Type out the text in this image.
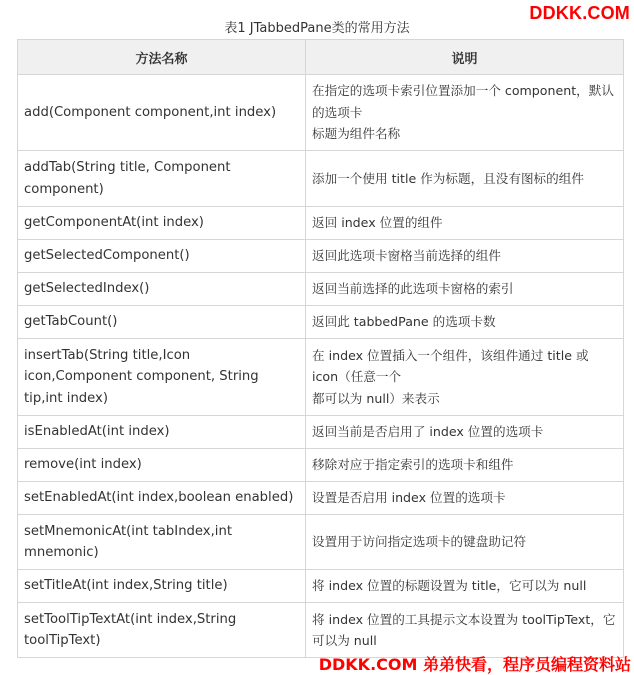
DDKK.COM
表1 JTabbedPane类的常用方法
方法名称	说明
add(Component component,int index)	在指定的选项卡索引位置添加一个 component，默认的选项卡
标题为组件名称

addTab(String title, Component component)	添加一个使用 title 作为标题，且没有图标的组件

getComponentAt(int index)	返回 index 位置的组件

getSelectedComponent()	返回此选项卡窗格当前选择的组件

getSelectedIndex()	返回当前选择的此选项卡窗格的索引

getTabCount()	返回此 tabbedPane 的选项卡数

insertTab(String title,Icon icon,Component component, String tip,int index)	在 index 位置插入一个组件，该组件通过 title 或 icon（任意一个
都可以为 null）来表示

isEnabledAt(int index)	返回当前是否启用了 index 位置的选项卡

remove(int index)	移除对应于指定索引的选项卡和组件

setEnabledAt(int index,boolean enabled)	设置是否启用 index 位置的选项卡

setMnemonicAt(int tabIndex,int mnemonic)	设置用于访问指定选项卡的键盘助记符

setTitleAt(int index,String title)	将 index 位置的标题设置为 title，它可以为 null

setToolTipTextAt(int index,String toolTipText)	将 index 位置的工具提示文本设置为 toolTipText，它可以为 null
DDKK.COM 弟弟快看，程序员编程资料站
